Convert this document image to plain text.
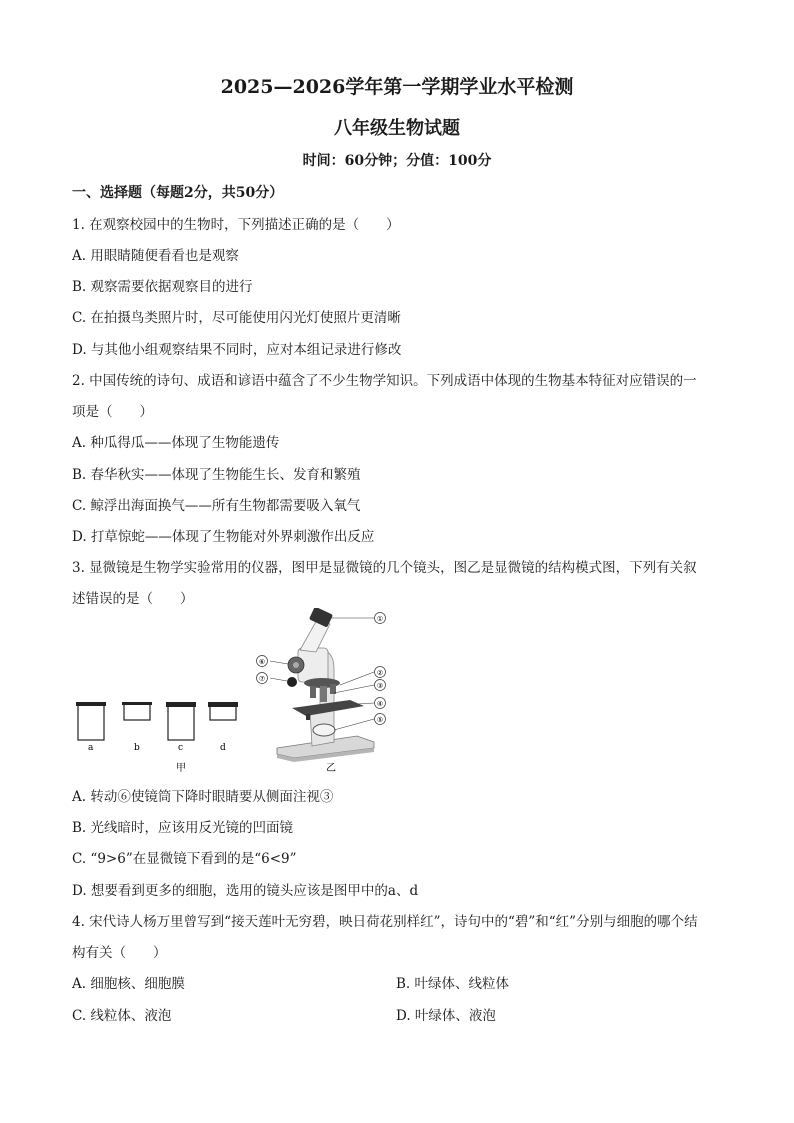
2025—2026学年第一学期学业水平检测
八年级生物试题
时间：60分钟；分值：100分
一、选择题（每题2分，共50分）
1. 在观察校园中的生物时，下列描述正确的是（　　）
A. 用眼睛随便看看也是观察
B. 观察需要依据观察目的进行
C. 在拍摄鸟类照片时，尽可能使用闪光灯使照片更清晰
D. 与其他小组观察结果不同时，应对本组记录进行修改
2. 中国传统的诗句、成语和谚语中蕴含了不少生物学知识。下列成语中体现的生物基本特征对应错误的一
项是（　　）
A. 种瓜得瓜——体现了生物能遗传
B. 春华秋实——体现了生物能生长、发育和繁殖
C. 鲸浮出海面换气——所有生物都需要吸入氧气
D. 打草惊蛇——体现了生物能对外界刺激作出反应
3. 显微镜是生物学实验常用的仪器，图甲是显微镜的几个镜头，图乙是显微镜的结构模式图，下列有关叙
述错误的是（　　）
a	b	c	d
甲
①
②
③
④
⑤
⑥
⑦
乙
A. 转动⑥使镜筒下降时眼睛要从侧面注视③
B. 光线暗时，应该用反光镜的凹面镜
C. “9>6”在显微镜下看到的是“6<9”
D. 想要看到更多的细胞，选用的镜头应该是图甲中的a、d
4. 宋代诗人杨万里曾写到“接天莲叶无穷碧，映日荷花别样红”，诗句中的“碧”和“红”分别与细胞的哪个结
构有关（　　）
A. 细胞核、细胞膜	B. 叶绿体、线粒体
C. 线粒体、液泡	D. 叶绿体、液泡
